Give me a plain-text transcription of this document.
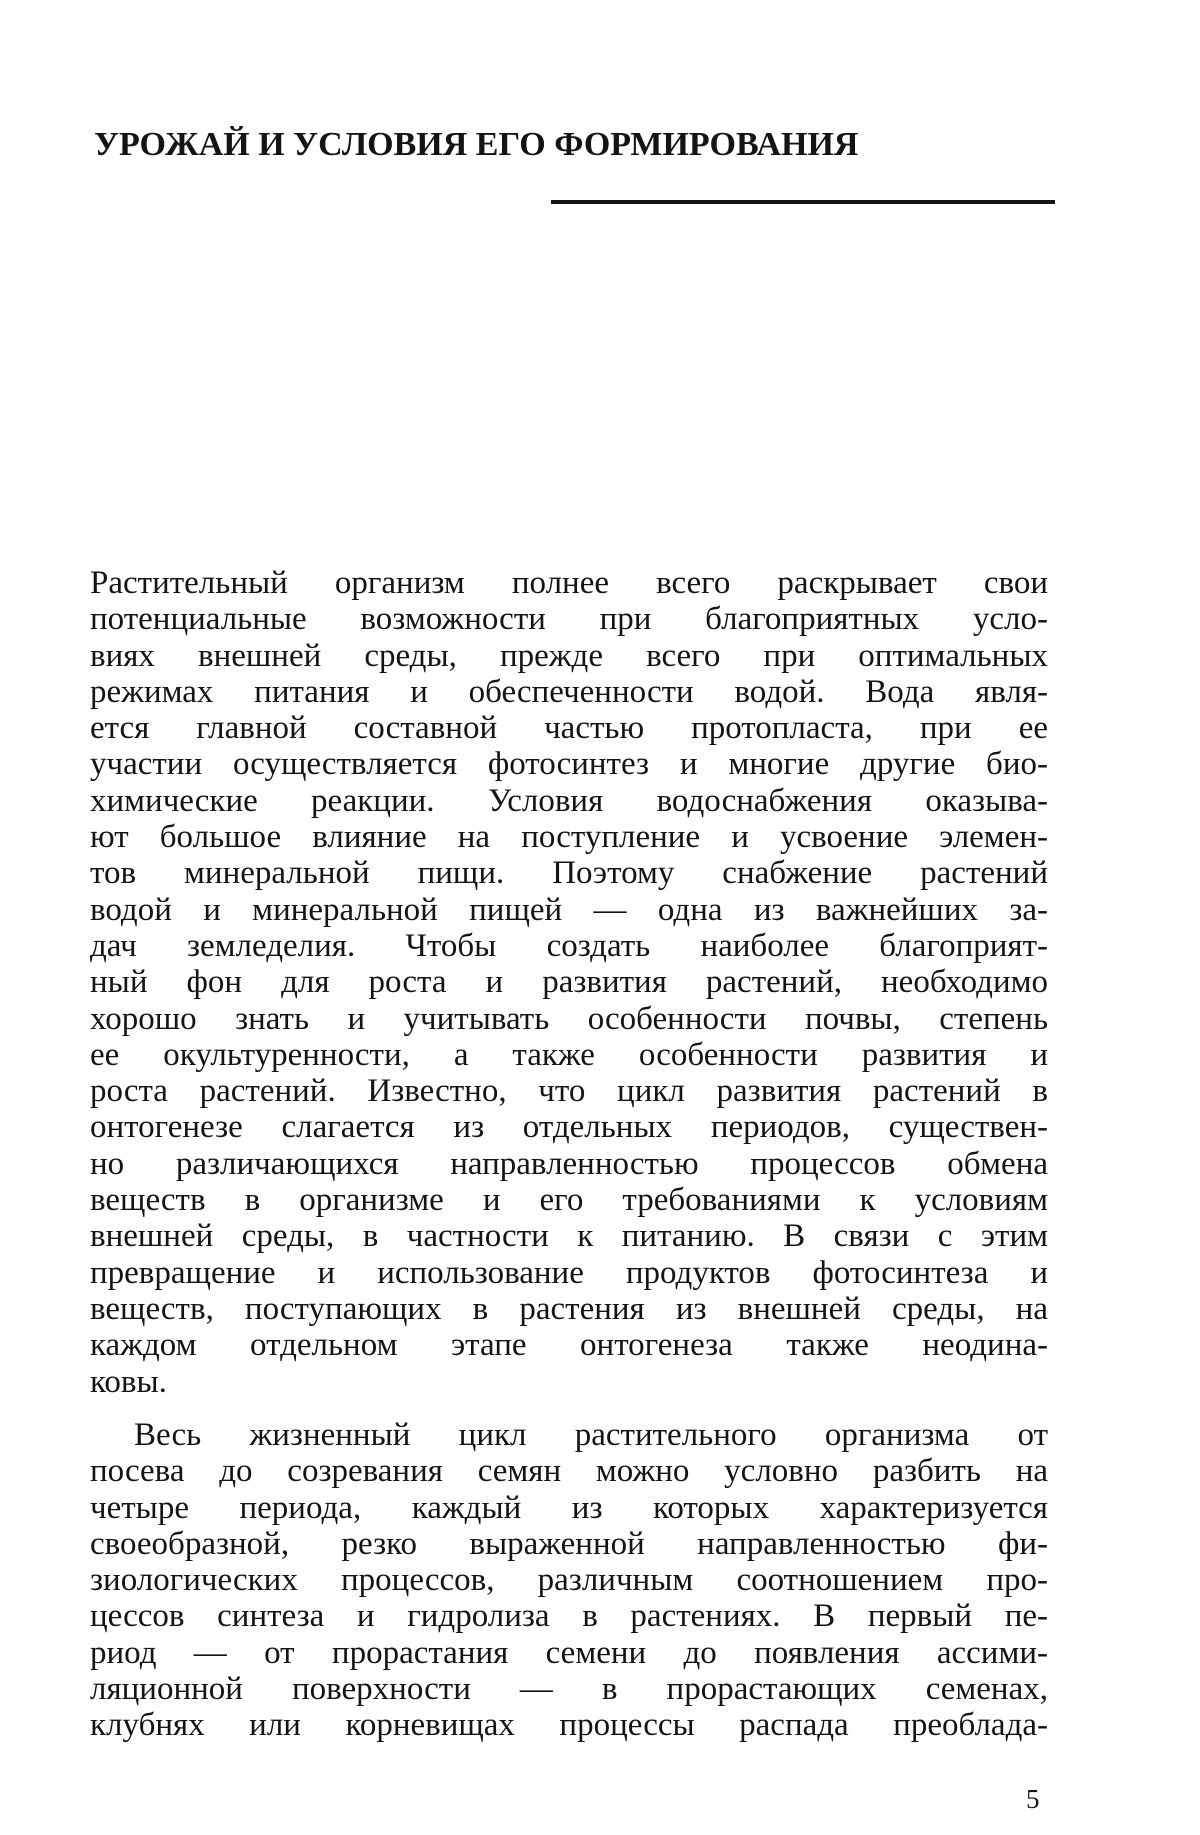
УРОЖАЙ И УСЛОВИЯ ЕГО ФОРМИРОВАНИЯ
Растительный организм полнее всего раскрывает свои
потенциальные возможности при благоприятных усло-
виях внешней среды, прежде всего при оптимальных
режимах питания и обеспеченности водой. Вода явля-
ется главной составной частью протопласта, при ее
участии осуществляется фотосинтез и многие другие био-
химические реакции. Условия водоснабжения оказыва-
ют большое влияние на поступление и усвоение элемен-
тов минеральной пищи. Поэтому снабжение растений
водой и минеральной пищей — одна из важнейших за-
дач земледелия. Чтобы создать наиболее благоприят-
ный фон для роста и развития растений, необходимо
хорошо знать и учитывать особенности почвы, степень
ее окультуренности, а также особенности развития и
роста растений. Известно, что цикл развития растений в
онтогенезе слагается из отдельных периодов, существен-
но различающихся направленностью процессов обмена
веществ в организме и его требованиями к условиям
внешней среды, в частности к питанию. В связи с этим
превращение и использование продуктов фотосинтеза и
веществ, поступающих в растения из внешней среды, на
каждом отдельном этапе онтогенеза также неодина-
ковы.
Весь жизненный цикл растительного организма от
посева до созревания семян можно условно разбить на
четыре периода, каждый из которых характеризуется
своеобразной, резко выраженной направленностью фи-
зиологических процессов, различным соотношением про-
цессов синтеза и гидролиза в растениях. В первый пе-
риод — от прорастания семени до появления ассими-
ляционной поверхности — в прорастающих семенах,
клубнях или корневищах процессы распада преоблада-

5
